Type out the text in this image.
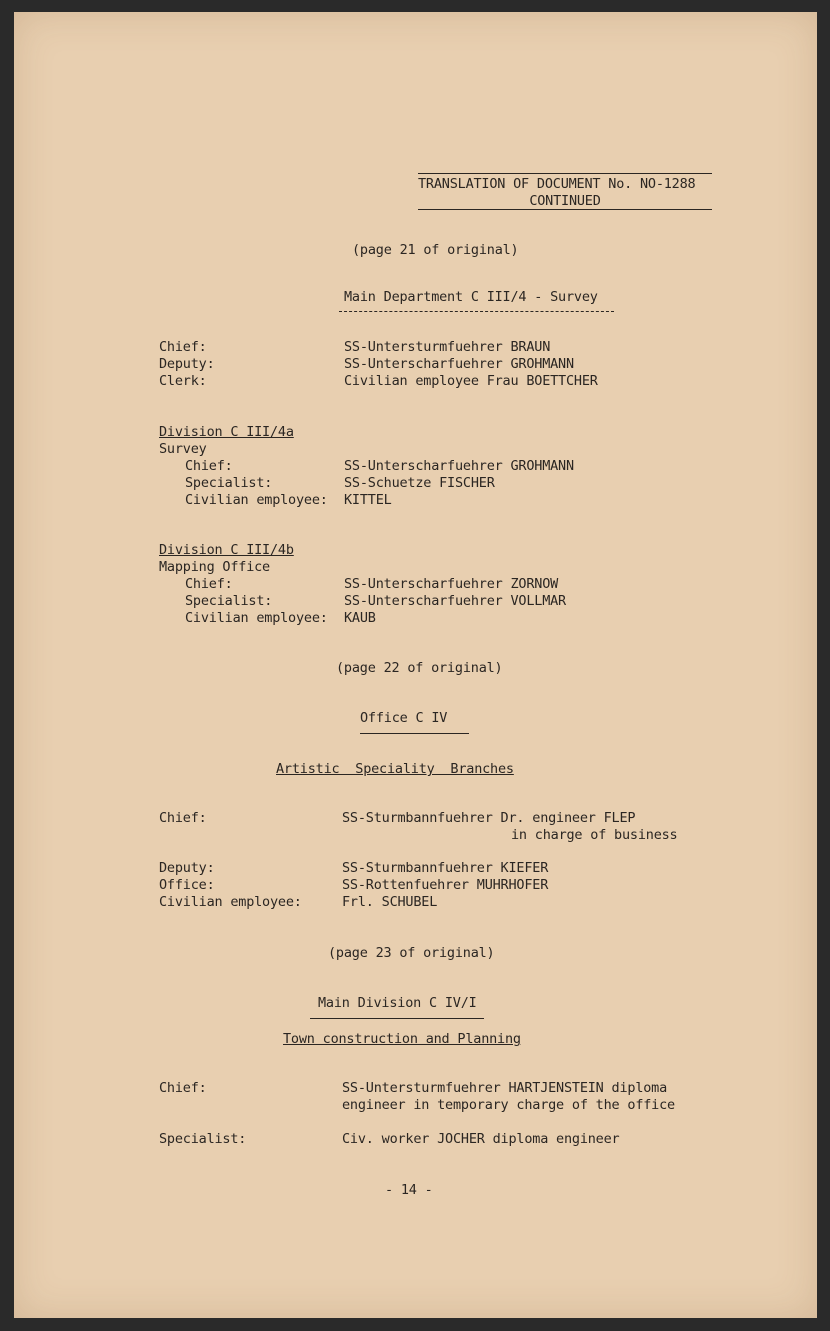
TRANSLATION OF DOCUMENT No. NO-1288
CONTINUED
(page 21 of original)
Main Department C III/4 - Survey
Chief:	SS-Untersturmfuehrer BRAUN
Deputy:	SS-Unterscharfuehrer GROHMANN
Clerk:	Civilian employee Frau BOETTCHER
Division C III/4a
Survey
Chief:	SS-Unterscharfuehrer GROHMANN
Specialist:	SS-Schuetze FISCHER
Civilian employee: KITTEL
Division C III/4b
Mapping Office
Chief:	SS-Unterscharfuehrer ZORNOW
Specialist:	SS-Unterscharfuehrer VOLLMAR
Civilian employee: KAUB
(page 22 of original)
Office C IV
Artistic  Speciality  Branches
Chief:	SS-Sturmbannfuehrer Dr. engineer FLEP
in charge of business
Deputy:	SS-Sturmbannfuehrer KIEFER
Office:	SS-Rottenfuehrer MUHRHOFER
Civilian employee:	Frl. SCHUBEL
(page 23 of original)
Main Division C IV/I
Town construction and Planning
Chief:	SS-Untersturmfuehrer HARTJENSTEIN diploma
engineer in temporary charge of the office
Specialist:	Civ. worker JOCHER diploma engineer
- 14 -
